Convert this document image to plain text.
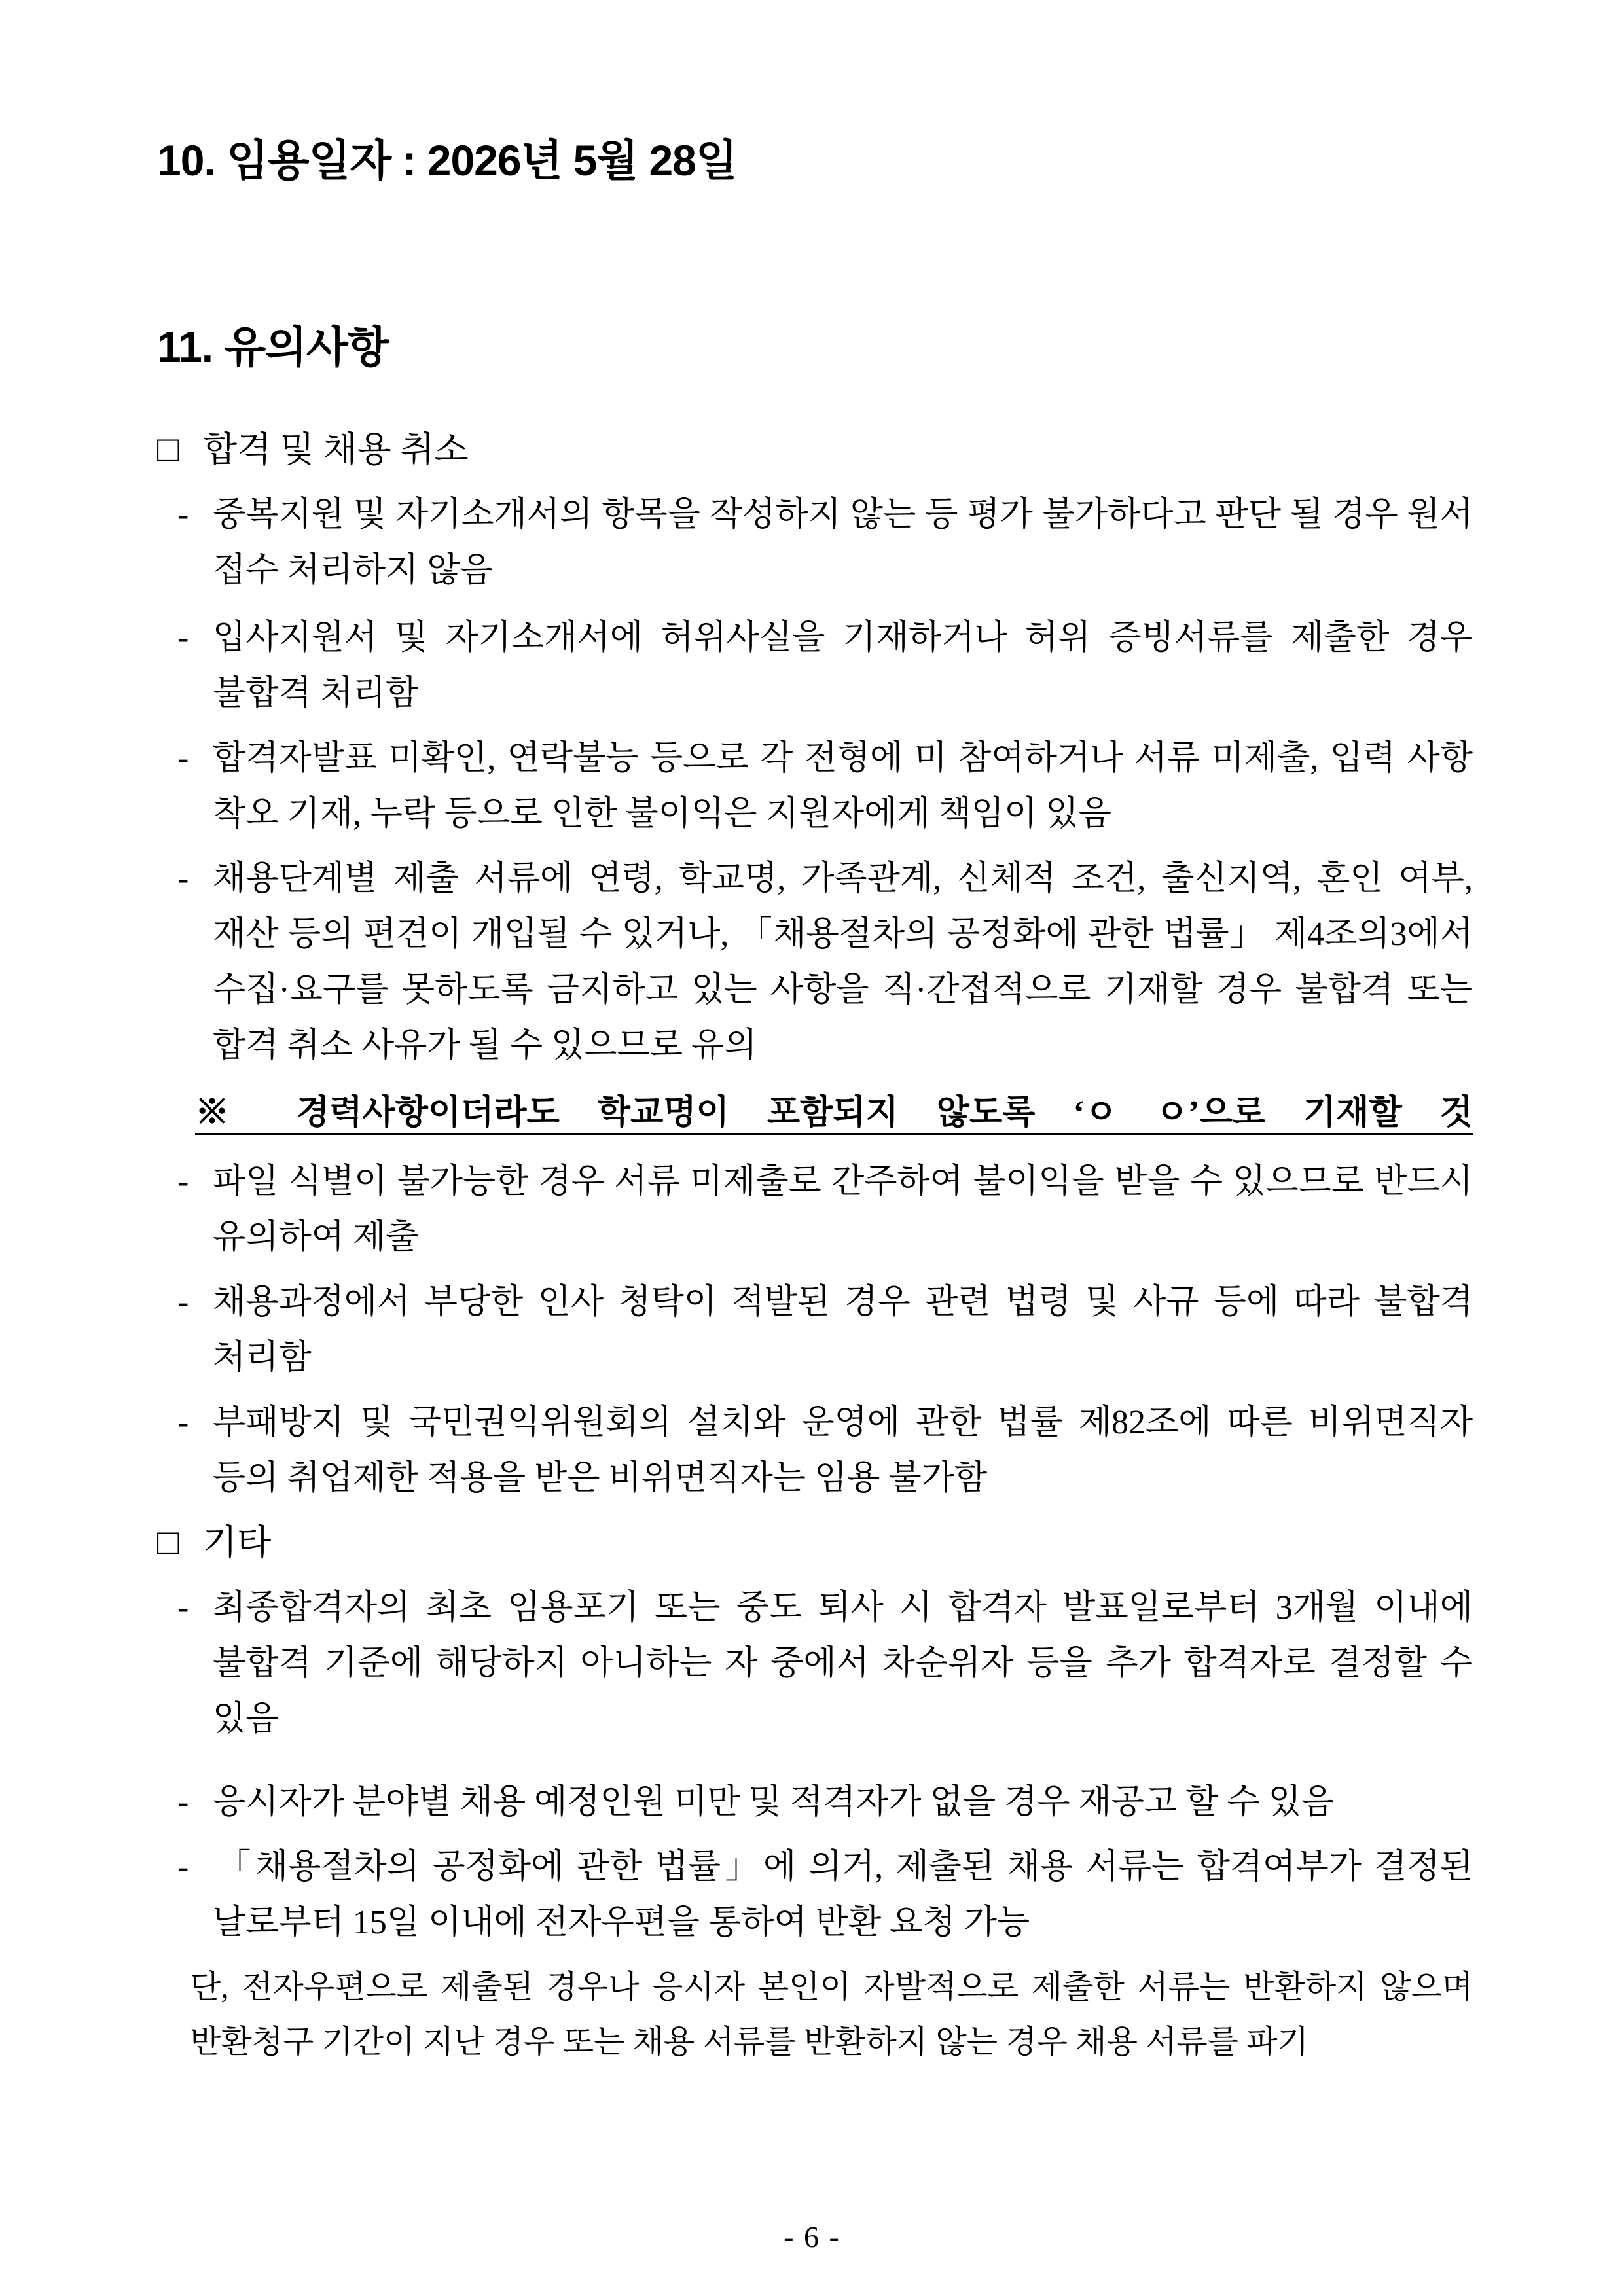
10. 임용일자 : 2026년 5월 28일
11. 유의사항
□ 합격 및 채용 취소
- 중복지원 및 자기소개서의 항목을 작성하지 않는 등 평가 불가하다고 판단 될 경우 원서 접수 처리하지 않음
- 입사지원서 및 자기소개서에 허위사실을 기재하거나 허위 증빙서류를 제출한 경우 불합격 처리함
- 합격자발표 미확인, 연락불능 등으로 각 전형에 미 참여하거나 서류 미제출, 입력 사항 착오 기재, 누락 등으로 인한 불이익은 지원자에게 책임이 있음
- 채용단계별 제출 서류에 연령, 학교명, 가족관계, 신체적 조건, 출신지역, 혼인 여부, 재산 등의 편견이 개입될 수 있거나, 「채용절차의 공정화에 관한 법률」 제4조의3에서 수집·요구를 못하도록 금지하고 있는 사항을 직·간접적으로 기재할 경우 불합격 또는 합격 취소 사유가 될 수 있으므로 유의
※ 경력사항이더라도 학교명이 포함되지 않도록 ‘ㅇ ㅇ’으로 기재할 것
- 파일 식별이 불가능한 경우 서류 미제출로 간주하여 불이익을 받을 수 있으므로 반드시 유의하여 제출
- 채용과정에서 부당한 인사 청탁이 적발된 경우 관련 법령 및 사규 등에 따라 불합격 처리함
- 부패방지 및 국민권익위원회의 설치와 운영에 관한 법률 제82조에 따른 비위면직자 등의 취업제한 적용을 받은 비위면직자는 임용 불가함
□ 기타
- 최종합격자의 최초 임용포기 또는 중도 퇴사 시 합격자 발표일로부터 3개월 이내에 불합격 기준에 해당하지 아니하는 자 중에서 차순위자 등을 추가 합격자로 결정할 수 있음
- 응시자가 분야별 채용 예정인원 미만 및 적격자가 없을 경우 재공고 할 수 있음
- 「채용절차의 공정화에 관한 법률」에 의거, 제출된 채용 서류는 합격여부가 결정된 날로부터 15일 이내에 전자우편을 통하여 반환 요청 가능
단, 전자우편으로 제출된 경우나 응시자 본인이 자발적으로 제출한 서류는 반환하지 않으며 반환청구 기간이 지난 경우 또는 채용 서류를 반환하지 않는 경우 채용 서류를 파기
- 6 -
